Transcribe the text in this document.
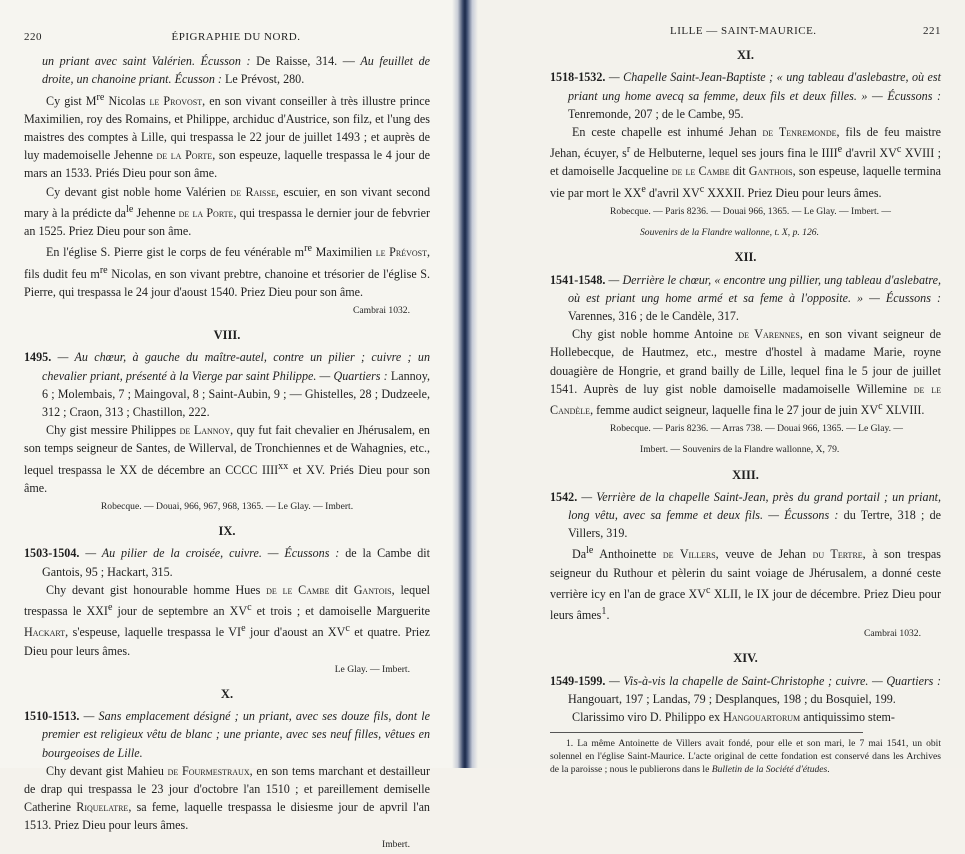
220	ÉPIGRAPHIE DU NORD.

un priant avec saint Valérien. Écusson : De Raisse, 314. — Au feuillet de droite, un chanoine priant. Écusson : Le Prévost, 280.

Cy gist Mre Nicolas le Provost, en son vivant conseiller à très illustre prince Maximilien, roy des Romains, et Philippe, archiduc d'Austrice, son filz, et l'ung des maistres des comptes à Lille, qui trespassa le 22 jour de juillet 1493 ; et auprès de luy mademoiselle Jehenne de la Porte, son espeuze, laquelle trespassa le 4 jour de mars an 1533. Priés Dieu pour son âme.

Cy devant gist noble home Valérien de Raisse, escuier, en son vivant second mary à la prédicte $da^{le}$ Jehenne de la Porte, qui trespassa le dernier jour de febvrier an 1525. Priez Dieu pour son âme.

En l'église S. Pierre gist le corps de feu vénérable $m^{re}$ Maximilien le Prévost, fils dudit feu $m^{re}$ Nicolas, en son vivant prebtre, chanoine et trésorier de l'église S. Pierre, qui trespassa le 24 jour d'aoust 1540. Priez Dieu pour son âme.

Cambrai 1032.

VIII.

1495. — Au chœur, à gauche du maître-autel, contre un pilier ; cuivre ; un chevalier priant, présenté à la Vierge par saint Philippe. — Quartiers : Lannoy, 6 ; Molembais, 7 ; Maingoval, 8 ; Saint-Aubin, 9 ; — Ghistelles, 28 ; Dudzeele, 312 ; Craon, 313 ; Chastillon, 222.

Chy gist messire Philippes de Lannoy, quy fut fait chevalier en Jhérusalem, en son temps seigneur de Santes, de Willerval, de Tronchiennes et de Wahagnies, etc., lequel trespassa le XX de décembre an CCCC IIII$^{xx}$ et XV. Priés Dieu pour son âme.

Robecque. — Douai, 966, 967, 968, 1365. — Le Glay. — Imbert.

IX.

1503-1504. — Au pilier de la croisée, cuivre. — Écussons : de la Cambe dit Gantois, 95 ; Hackart, 315.

Chy devant gist honourable homme Hues de le Cambe dit Gantois, lequel trespassa le XXIe jour de septembre an $XV^c$ et trois ; et damoiselle Marguerite Hackart, s'espeuse, laquelle trespassa le VIe jour d'aoust an $XV^c$ et quatre. Priez Dieu pour leurs âmes.

Le Glay. — Imbert.

X.

1510-1513. — Sans emplacement désigné ; un priant, avec ses douze fils, dont le premier est religieux vêtu de blanc ; une priante, avec ses neuf filles, vêtues en bourgeoises de Lille.

Chy devant gist Mahieu de Fourmestraux, en son tems marchant et destailleur de drap qui trespassa le 23 jour d'octobre l'an 1510 ; et pareillement demiselle Catherine Riquelatre, sa feme, laquelle trespassa le disiesme jour de apvril l'an 1513. Priez Dieu pour leurs âmes.

Imbert.

LILLE — SAINT-MAURICE.	221
XI.

1518-1532. — Chapelle Saint-Jean-Baptiste ; « ung tableau d'aslebastre, où est priant ung home avecq sa femme, deux fils et deux filles. » — Écussons : Tenremonde, 207 ; de le Cambe, 95.

En ceste chapelle est inhumé Jehan de Tenremonde, fils de feu maistre Jehan, écuyer, $s^r$ de Helbuterne, lequel ses jours fina le IIIIe d'avril $XV^c$ XVIII ; et damoiselle Jacqueline de le Cambe dit Ganthois, son espeuse, laquelle termina vie par mort le XXe d'avril $XV^c$ XXXII. Priez Dieu pour leurs âmes.

Robecque. — Paris 8236. — Douai 966, 1365. — Le Glay. — Imbert. —

Souvenirs de la Flandre wallonne, t. X, p. 126.

XII.

1541-1548. — Derrière le chœur, « encontre ung pillier, ung tableau d'aslebatre, où est priant ung home armé et sa feme à l'opposite. » — Écussons : Varennes, 316 ; de le Candèle, 317.

Chy gist noble homme Antoine de Varennes, en son vivant seigneur de Hollebecque, de Hautmez, etc., mestre d'hostel à madame Marie, royne douagière de Hongrie, et grand bailly de Lille, lequel fina le 5 jour de juillet 1541. Auprès de luy gist noble damoiselle madamoiselle Willemine de le Candèle, femme audict seigneur, laquelle fina le 27 jour de juin $XV^c$ XLVIII.

Robecque. — Paris 8236. — Arras 738. — Douai 966, 1365. — Le Glay. —

Imbert. — Souvenirs de la Flandre wallonne, X, 79.

XIII.

1542. — Verrière de la chapelle Saint-Jean, près du grand portail ; un priant, long vêtu, avec sa femme et deux fils. — Écussons : du Tertre, 318 ; de Villers, 319.

$Da^{le}$ Anthoinette de Villers, veuve de Jehan du Tertre, à son trespas seigneur du Ruthour et pèlerin du saint voiage de Jhérusalem, a donné ceste verrière icy en l'an de grace $XV^c$ XLII, le IX jour de décembre. Priez Dieu pour leurs âmes$^1$.

Cambrai 1032.

XIV.

1549-1599. — Vis-à-vis la chapelle de Saint-Christophe ; cuivre. — Quartiers : Hangouart, 197 ; Landas, 79 ; Desplanques, 198 ; du Bosquiel, 199.

Clarissimo viro D. Philippo ex Hangouartorum antiquissimo stem-

1. La même Antoinette de Villers avait fondé, pour elle et son mari, le 7 mai 1541, un obit solennel en l'église Saint-Maurice. L'acte original de cette fondation est conservé dans les Archives de la paroisse ; nous le publierons dans le Bulletin de la Société d'études.
